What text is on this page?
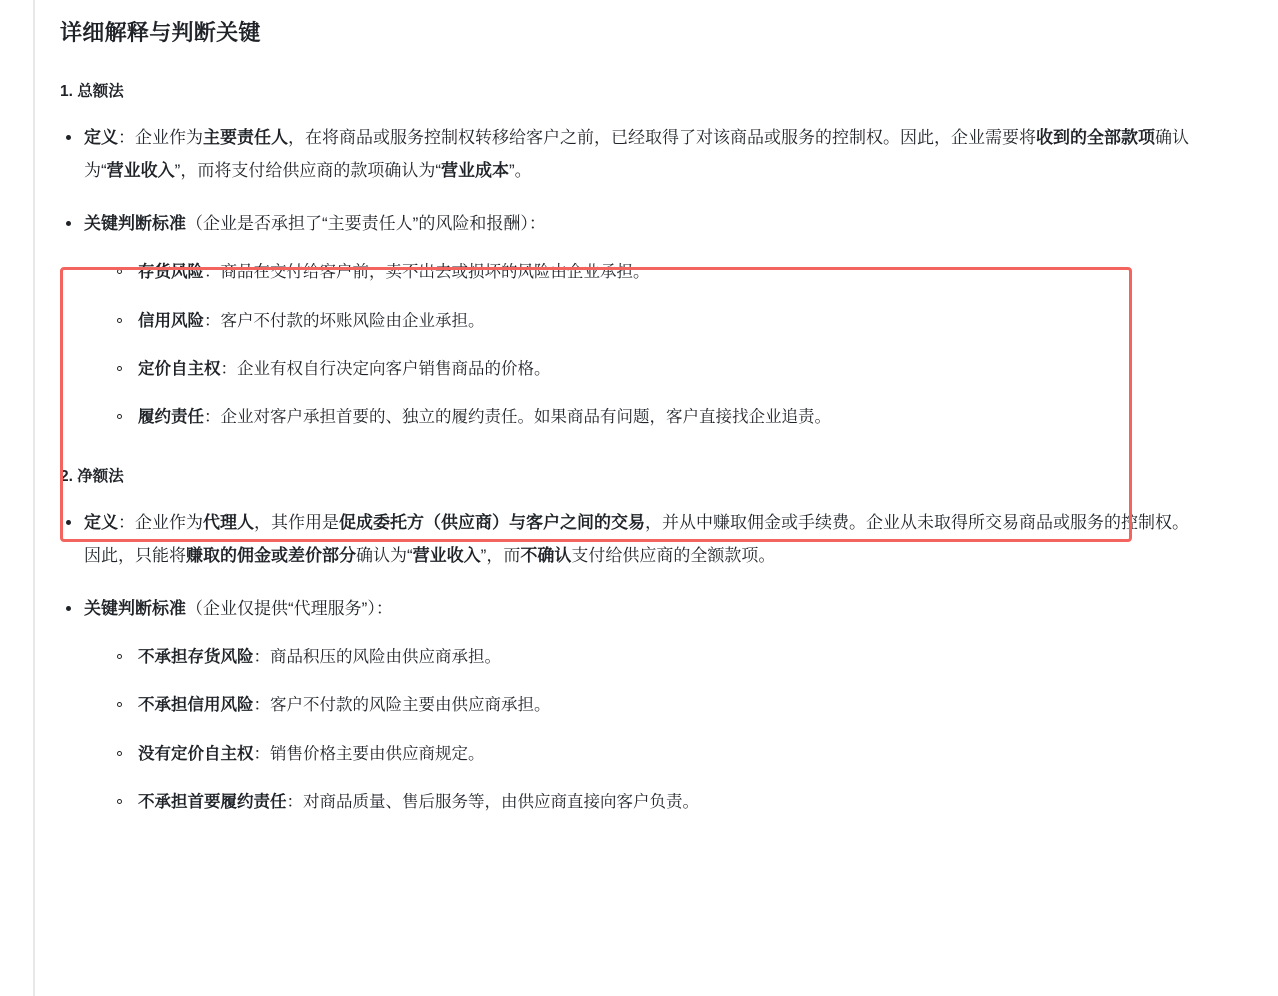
详细解释与判断关键
1. 总额法
定义：企业作为主要责任人，在将商品或服务控制权转移给客户之前，已经取得了对该商品或服务的控制权。因此，企业需要将收到的全部款项确认为“营业收入”，而将支付给供应商的款项确认为“营业成本”。
关键判断标准（企业是否承担了“主要责任人”的风险和报酬）：
存货风险：商品在交付给客户前，卖不出去或损坏的风险由企业承担。
信用风险：客户不付款的坏账风险由企业承担。
定价自主权：企业有权自行决定向客户销售商品的价格。
履约责任：企业对客户承担首要的、独立的履约责任。如果商品有问题，客户直接找企业追责。
2. 净额法
定义：企业作为代理人，其作用是促成委托方（供应商）与客户之间的交易，并从中赚取佣金或手续费。企业从未取得所交易商品或服务的控制权。因此，只能将赚取的佣金或差价部分确认为“营业收入”，而不确认支付给供应商的全额款项。
关键判断标准（企业仅提供“代理服务”）：
不承担存货风险：商品积压的风险由供应商承担。
不承担信用风险：客户不付款的风险主要由供应商承担。
没有定价自主权：销售价格主要由供应商规定。
不承担首要履约责任：对商品质量、售后服务等，由供应商直接向客户负责。
